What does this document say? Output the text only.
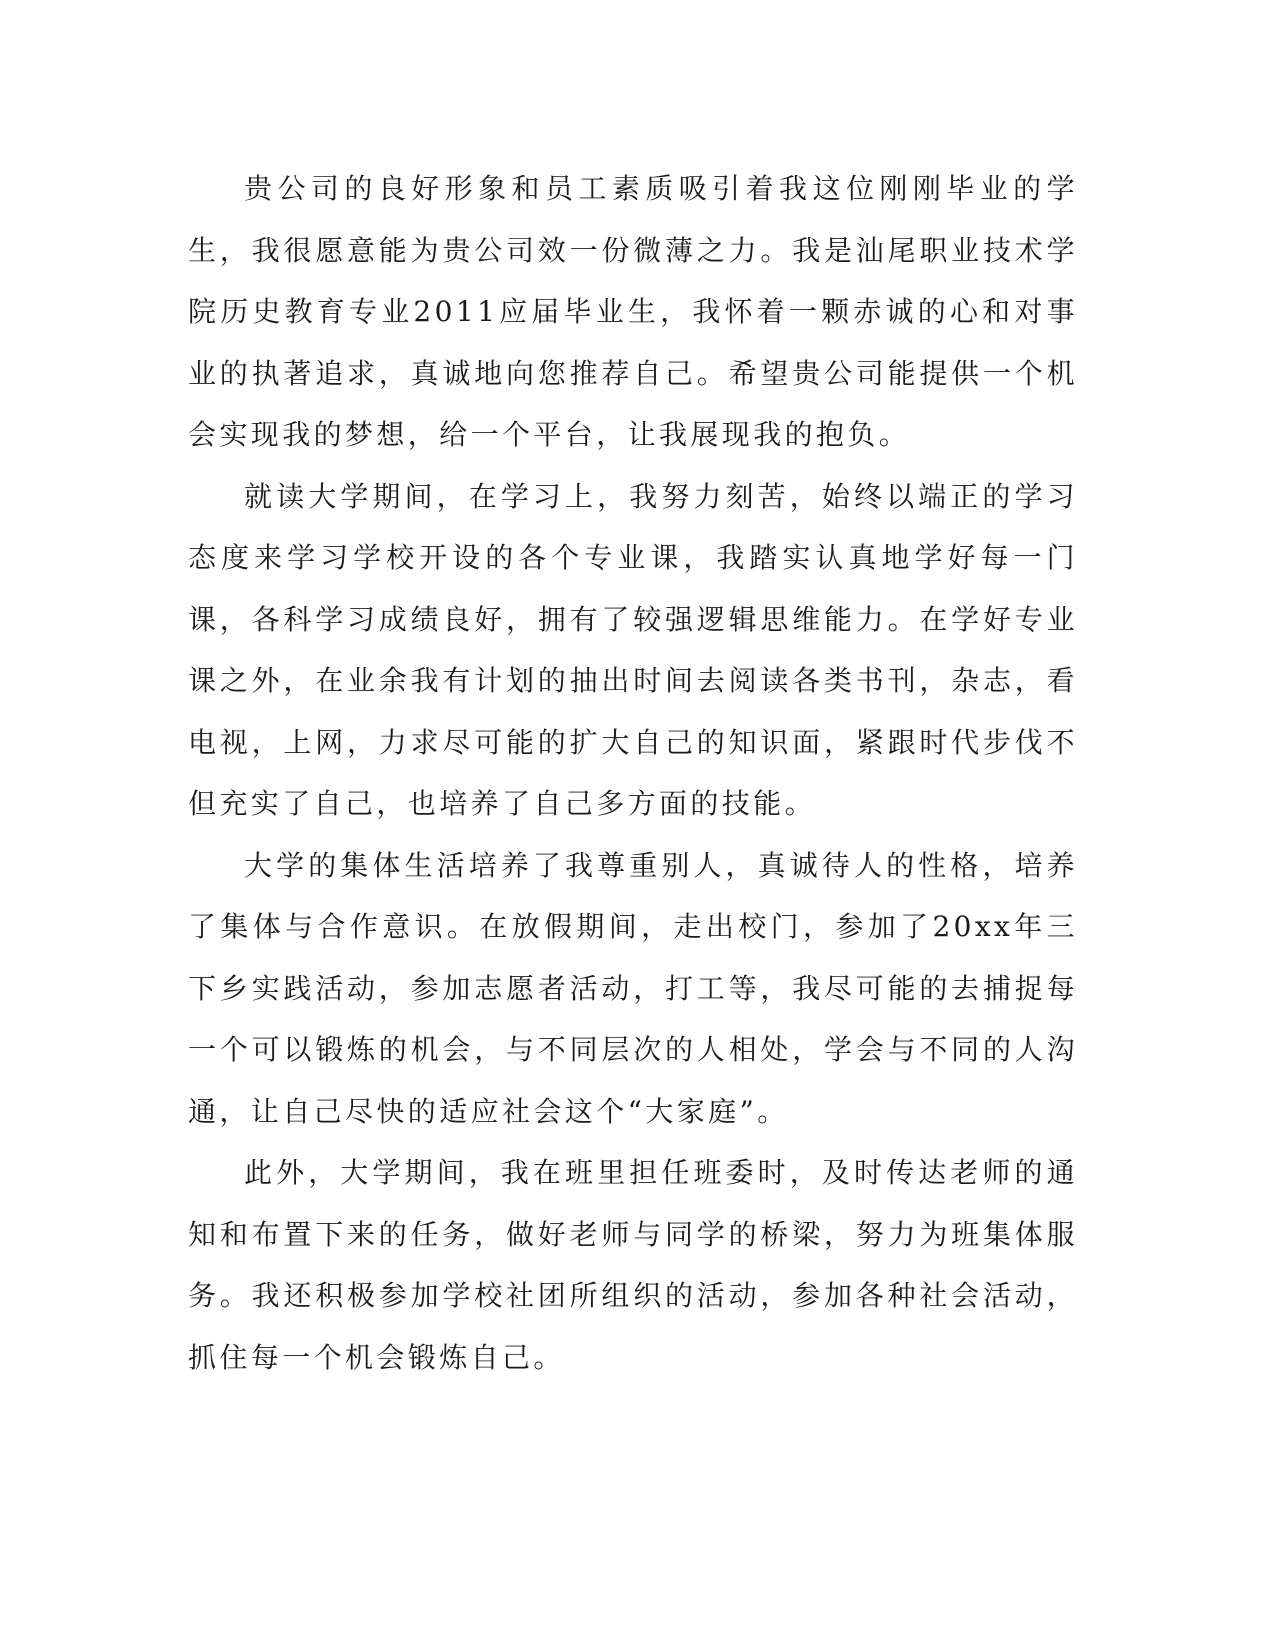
贵公司的良好形象和员工素质吸引着我这位刚刚毕业的学生，我很愿意能为贵公司效一份微薄之力。我是汕尾职业技术学院历史教育专业2011应届毕业生，我怀着一颗赤诚的心和对事业的执著追求，真诚地向您推荐自己。希望贵公司能提供一个机会实现我的梦想，给一个平台，让我展现我的抱负。

就读大学期间，在学习上，我努力刻苦，始终以端正的学习态度来学习学校开设的各个专业课，我踏实认真地学好每一门课，各科学习成绩良好，拥有了较强逻辑思维能力。在学好专业课之外，在业余我有计划的抽出时间去阅读各类书刊，杂志，看电视，上网，力求尽可能的扩大自己的知识面，紧跟时代步伐不但充实了自己，也培养了自己多方面的技能。

大学的集体生活培养了我尊重别人，真诚待人的性格，培养了集体与合作意识。在放假期间，走出校门，参加了20xx年三下乡实践活动，参加志愿者活动，打工等，我尽可能的去捕捉每一个可以锻炼的机会，与不同层次的人相处，学会与不同的人沟通，让自己尽快的适应社会这个“大家庭”。

此外，大学期间，我在班里担任班委时，及时传达老师的通知和布置下来的任务，做好老师与同学的桥梁，努力为班集体服务。我还积极参加学校社团所组织的活动，参加各种社会活动，抓住每一个机会锻炼自己。
